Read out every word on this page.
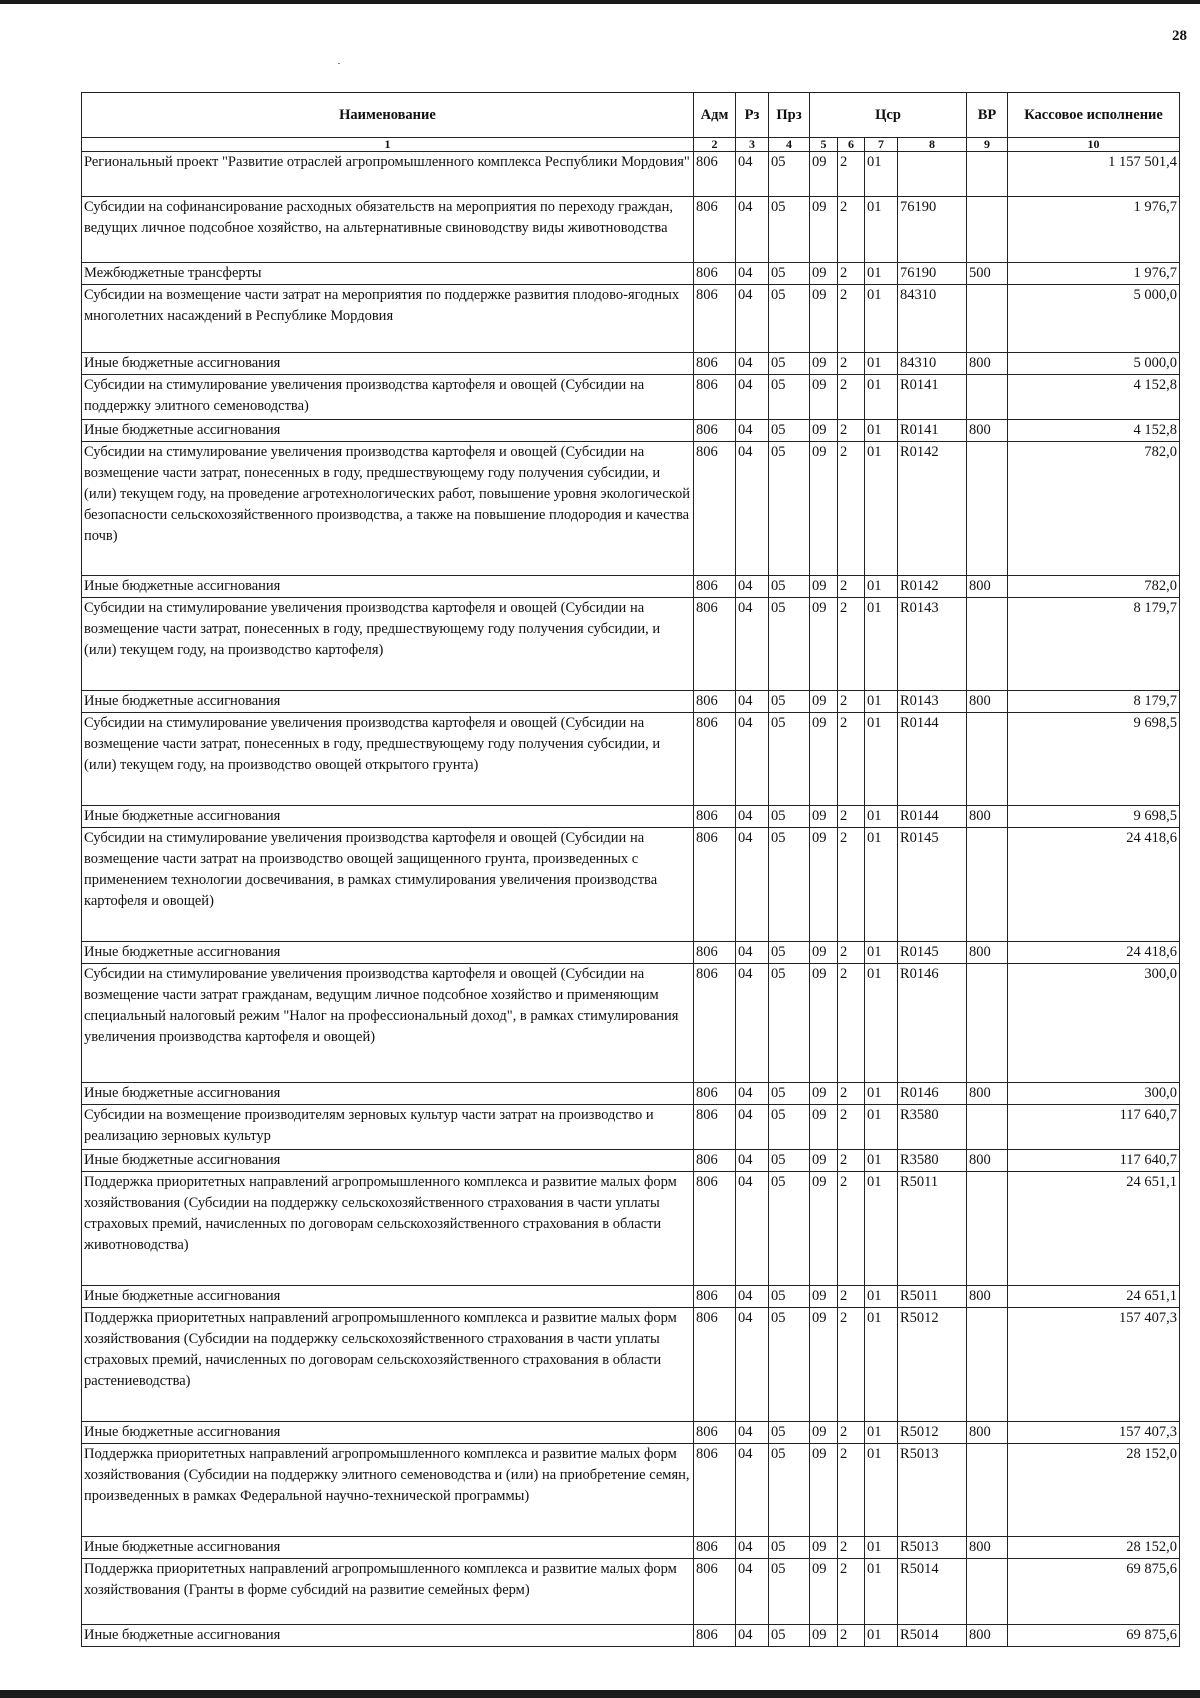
28
Наименование	Адм	Рз	Прз	Цср				ВР	Кассовое исполнение
1	2	3	4	5	6	7	8	9	10
Региональный проект "Развитие отраслей агропромышленного комплекса Республики Мордовия"	806	04	05	09	2	01			1 157 501,4
Субсидии на софинансирование расходных обязательств на мероприятия по переходу граждан, ведущих личное подсобное хозяйство, на альтернативные свиноводству виды животноводства	806	04	05	09	2	01	76190		1 976,7
Межбюджетные трансферты	806	04	05	09	2	01	76190	500	1 976,7
Субсидии на возмещение части затрат на мероприятия по поддержке развития плодово-ягодных многолетних насаждений в Республике Мордовия	806	04	05	09	2	01	84310		5 000,0
Иные бюджетные ассигнования	806	04	05	09	2	01	84310	800	5 000,0
Субсидии на стимулирование увеличения производства картофеля и овощей (Субсидии на поддержку элитного семеноводства)	806	04	05	09	2	01	R0141		4 152,8
Иные бюджетные ассигнования	806	04	05	09	2	01	R0141	800	4 152,8
Субсидии на стимулирование увеличения производства картофеля и овощей (Субсидии на возмещение части затрат, понесенных в году, предшествующему году получения субсидии, и (или) текущем году, на проведение агротехнологических работ, повышение уровня экологической безопасности сельскохозяйственного производства, а также на повышение плодородия и качества почв)	806	04	05	09	2	01	R0142		782,0
Иные бюджетные ассигнования	806	04	05	09	2	01	R0142	800	782,0
Субсидии на стимулирование увеличения производства картофеля и овощей (Субсидии на возмещение части затрат, понесенных в году, предшествующему году получения субсидии, и (или) текущем году, на производство картофеля)	806	04	05	09	2	01	R0143		8 179,7
Иные бюджетные ассигнования	806	04	05	09	2	01	R0143	800	8 179,7
Субсидии на стимулирование увеличения производства картофеля и овощей (Субсидии на возмещение части затрат, понесенных в году, предшествующему году получения субсидии, и (или) текущем году, на производство овощей открытого грунта)	806	04	05	09	2	01	R0144		9 698,5
Иные бюджетные ассигнования	806	04	05	09	2	01	R0144	800	9 698,5
Субсидии на стимулирование увеличения производства картофеля и овощей (Субсидии на возмещение части затрат на производство овощей защищенного грунта, произведенных с применением технологии досвечивания, в рамках стимулирования увеличения производства картофеля и овощей)	806	04	05	09	2	01	R0145		24 418,6
Иные бюджетные ассигнования	806	04	05	09	2	01	R0145	800	24 418,6
Субсидии на стимулирование увеличения производства картофеля и овощей (Субсидии на возмещение части затрат гражданам, ведущим личное подсобное хозяйство и применяющим специальный налоговый режим "Налог на профессиональный доход", в рамках стимулирования увеличения производства картофеля и овощей)	806	04	05	09	2	01	R0146		300,0
Иные бюджетные ассигнования	806	04	05	09	2	01	R0146	800	300,0
Субсидии на возмещение производителям зерновых культур части затрат на производство и реализацию зерновых культур	806	04	05	09	2	01	R3580		117 640,7
Иные бюджетные ассигнования	806	04	05	09	2	01	R3580	800	117 640,7
Поддержка приоритетных направлений агропромышленного комплекса и развитие малых форм хозяйствования (Субсидии на поддержку сельскохозяйственного страхования в части уплаты страховых премий, начисленных по договорам сельскохозяйственного страхования в области животноводства)	806	04	05	09	2	01	R5011		24 651,1
Иные бюджетные ассигнования	806	04	05	09	2	01	R5011	800	24 651,1
Поддержка приоритетных направлений агропромышленного комплекса и развитие малых форм хозяйствования (Субсидии на поддержку сельскохозяйственного страхования в части уплаты страховых премий, начисленных по договорам сельскохозяйственного страхования в области растениеводства)	806	04	05	09	2	01	R5012		157 407,3
Иные бюджетные ассигнования	806	04	05	09	2	01	R5012	800	157 407,3
Поддержка приоритетных направлений агропромышленного комплекса и развитие малых форм хозяйствования (Субсидии на поддержку элитного семеноводства и (или) на приобретение семян, произведенных в рамках Федеральной научно-технической программы)	806	04	05	09	2	01	R5013		28 152,0
Иные бюджетные ассигнования	806	04	05	09	2	01	R5013	800	28 152,0
Поддержка приоритетных направлений агропромышленного комплекса и развитие малых форм хозяйствования (Гранты в форме субсидий на развитие семейных ферм)	806	04	05	09	2	01	R5014		69 875,6
Иные бюджетные ассигнования	806	04	05	09	2	01	R5014	800	69 875,6
